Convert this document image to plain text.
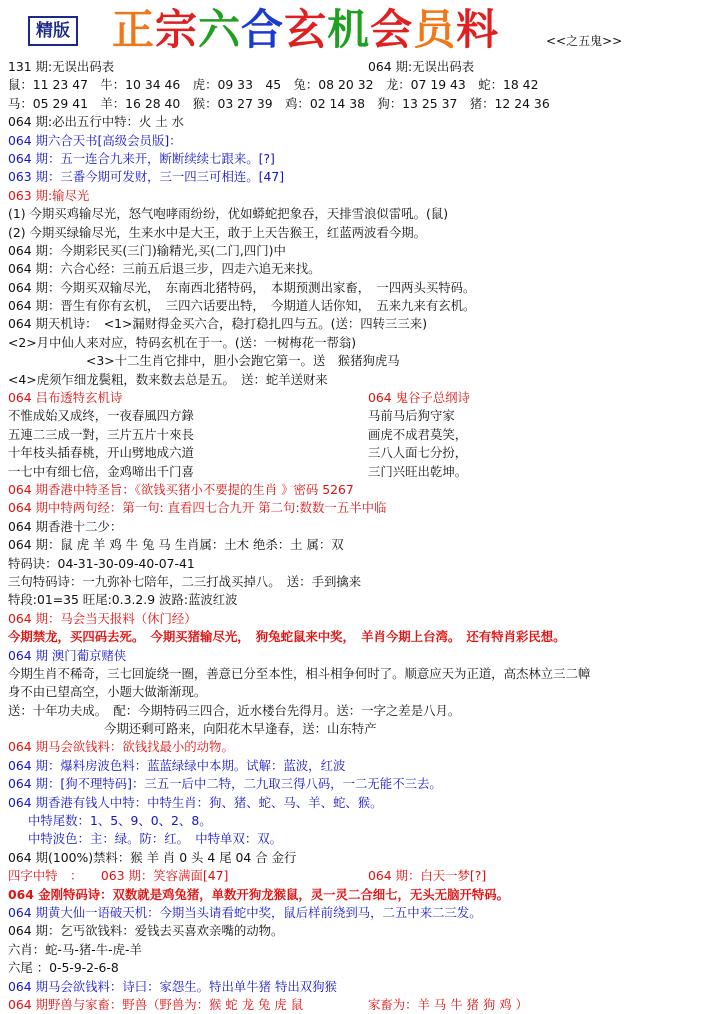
精版 正宗六合玄机会员料	<<之五鬼>>
131 期:无误出码表	064 期:无误出码表
鼠：11 23 47　牛：10 34 46　虎：09 33　45　兔：08 20 32　龙：07 19 43　蛇：18 42
马：05 29 41　羊：16 28 40　猴：03 27 39　鸡：02 14 38　狗：13 25 37　猪：12 24 36
064 期:必出五行中特：火 土 水
064 期六合天书[高级会员版]：
064 期：五一连合九来开，断断续续七跟来。[?]
063 期：三番今期可发财，三一四三可相连。[47]
063 期:输尽光
(1) 今期买鸡输尽光，怒气咆哮雨纷纷，优如蟒蛇把象吞，天排雪浪似雷吼。(鼠)
(2) 今期买绿输尽光，生来水中是大王，敢于上天告猴王，红蓝两波看今期。
064 期：今期彩民买(三门)输精光,买(二门,四门)中
064 期：六合心经：三前五后退三步，四走六追无来找。
064 期：今期买双输尽光，　东南西北猪特码，　本期预测出家畜，　一四两头买特码。
064 期：晋生有你有玄机，　三四六话要出特，　今期道人话你知，　五来九来有玄机。
064 期天机诗：　<1>漏财得金买六合，稳打稳扎四与五。(送：四转三三来)
<2>月中仙人来对应，特码玄机在于一。(送：一树梅花一帮翁)
<3>十二生肖它排中，胆小会跑它第一。送　猴猪狗虎马
<4>虎须乍细龙鬓粗，数来数去总是五。　送：蛇羊送财来
064 吕布透特玄机诗	064 鬼谷子总纲诗
不惟成始又成终，一夜春風四方錄	马前马后狗守家
五連二三成一對，三片五片十來長	画虎不成君莫笑，
十年枝头插春桃，开山劈地成六道	三八人面七分扮，
一七中有细七倍，金鸡啼出千门喜	三门兴旺出乾坤。
064 期香港中特圣旨：《欲钱买猪小不要提的生肖 》密码 5267
064 期中特两句经：第一句: 直看四七合九开 第二句:数数一五半中临
064 期香港十二少：
064 期：鼠 虎 羊 鸡 牛 兔 马 生肖属：土木 绝杀：土 属：双
特码诀：04-31-30-09-40-07-41
三句特码诗：一九弥补七陪年，二三打战买掉八。　送：手到擒来
特段:01=35 旺尾:0.3.2.9 波路:蓝波红波
064 期：马会当天报料（休门经）
今期禁龙，买四码去死。　今期买猪输尽光，　狗兔蛇鼠来中奖，　羊肖今期上台湾。　还有特肖彩民想。
064 期 澳门葡京赌侠
今期生肖不稀奇，三七回旋绕一圈，善意已分至本性，相斗相争何时了。顺意应天为正道，高杰林立三二幛
身不由已望高空，小题大做渐渐现。
送：十年功夫成。　配：今期特码三四合，近水楼台先得月。送：一字之差是八月。
今期还剩可路来，向阳花木早逢春，送：山东特产
064 期马会欲钱料：欲钱找最小的动物。
064 期：爆料房波色料：蓝蓝绿绿中本期。试解：蓝波，红波
064 期：[狗不理特码]：三五一后中二特，二九取三得八码，一二无能不三去。
064 期香港有钱人中特：中特生肖：狗、猪、蛇、马、羊、蛇、猴。
中特尾数：1、5、9、0、2、8。
中特波色：主：绿。防：红。　中特单双：双。
064 期(100%)禁料：猴 羊 肖 0 头 4 尾 04 合 金行
四字中特　：　　063 期：笑容满面[47]	064 期：白天一梦[?]
064 金刚特码诗：双数就是鸡兔猪，单数开狗龙猴鼠，灵一灵二合细七，无头无脑开特码。
064 期黄大仙一语破天机：今期当头请看蛇中奖，鼠后样前绕到马，二五中来二三发。
064 期：乞丐欲钱料：爱钱去买喜欢亲嘴的动物。
六肖：蛇-马-猪-牛-虎-羊
六尾 ：0-5-9-2-6-8
064 期马会欲钱料：诗曰：家怨生。特出单牛猪 特出双狗猴
064 期野兽与家畜：野兽（野兽为：猴 蛇 龙 兔 虎 鼠	家畜为：羊 马 牛 猪 狗 鸡 ）
